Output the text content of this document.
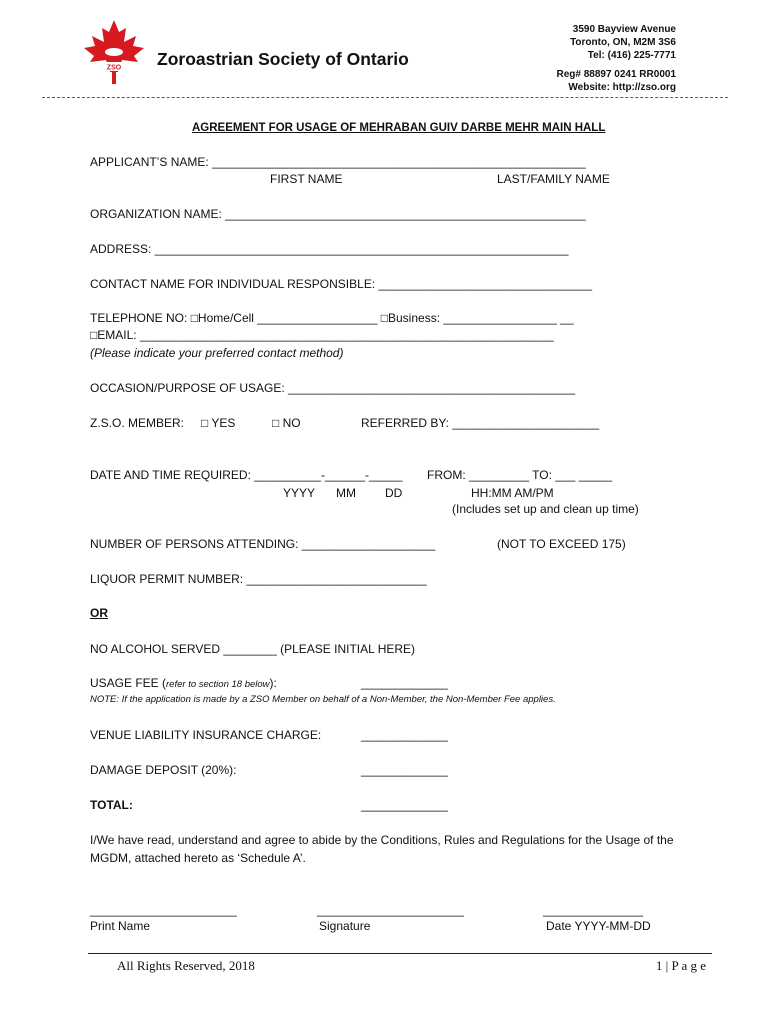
ZSO Zoroastrian Society of Ontario
3590 Bayview Avenue
Toronto, ON, M2M 3S6
Tel: (416) 225-7771
Reg# 88897 0241 RR0001
Website: http://zso.org
AGREEMENT FOR USAGE OF MEHRABAN GUIV DARBE MEHR MAIN HALL
APPLICANT’S NAME: ________________________________________________________
FIRST NAME	LAST/FAMILY NAME
ORGANIZATION NAME: ______________________________________________________
ADDRESS: ______________________________________________________________
CONTACT NAME FOR INDIVIDUAL RESPONSIBLE: ________________________________
TELEPHONE NO: □Home/Cell __________________ □Business: _________________ __
□EMAIL: ______________________________________________________________
(Please indicate your preferred contact method)
OCCASION/PURPOSE OF USAGE: ___________________________________________
Z.S.O. MEMBER: □ YES	□ NO	REFERRED BY: ______________________
DATE AND TIME REQUIRED: __________-______-_____ FROM: _________ TO: ___ _____
YYYY MM DD	HH:MM AM/PM
(Includes set up and clean up time)
NUMBER OF PERSONS ATTENDING: ____________________	(NOT TO EXCEED 175)
LIQUOR PERMIT NUMBER: ___________________________
OR
NO ALCOHOL SERVED ________ (PLEASE INITIAL HERE)
USAGE FEE (refer to section 18 below):	_____________
NOTE: If the application is made by a ZSO Member on behalf of a Non-Member, the Non-Member Fee applies.
VENUE LIABILITY INSURANCE CHARGE:	_____________
DAMAGE DEPOSIT (20%):	_____________
TOTAL:	_____________
I/We have read, understand and agree to abide by the Conditions, Rules and Regulations for the Usage of the
MGDM, attached hereto as ‘Schedule A’.
______________________	______________________	_______________
Print Name	Signature	Date YYYY-MM-DD
All Rights Reserved, 2018	1 | P a g e
